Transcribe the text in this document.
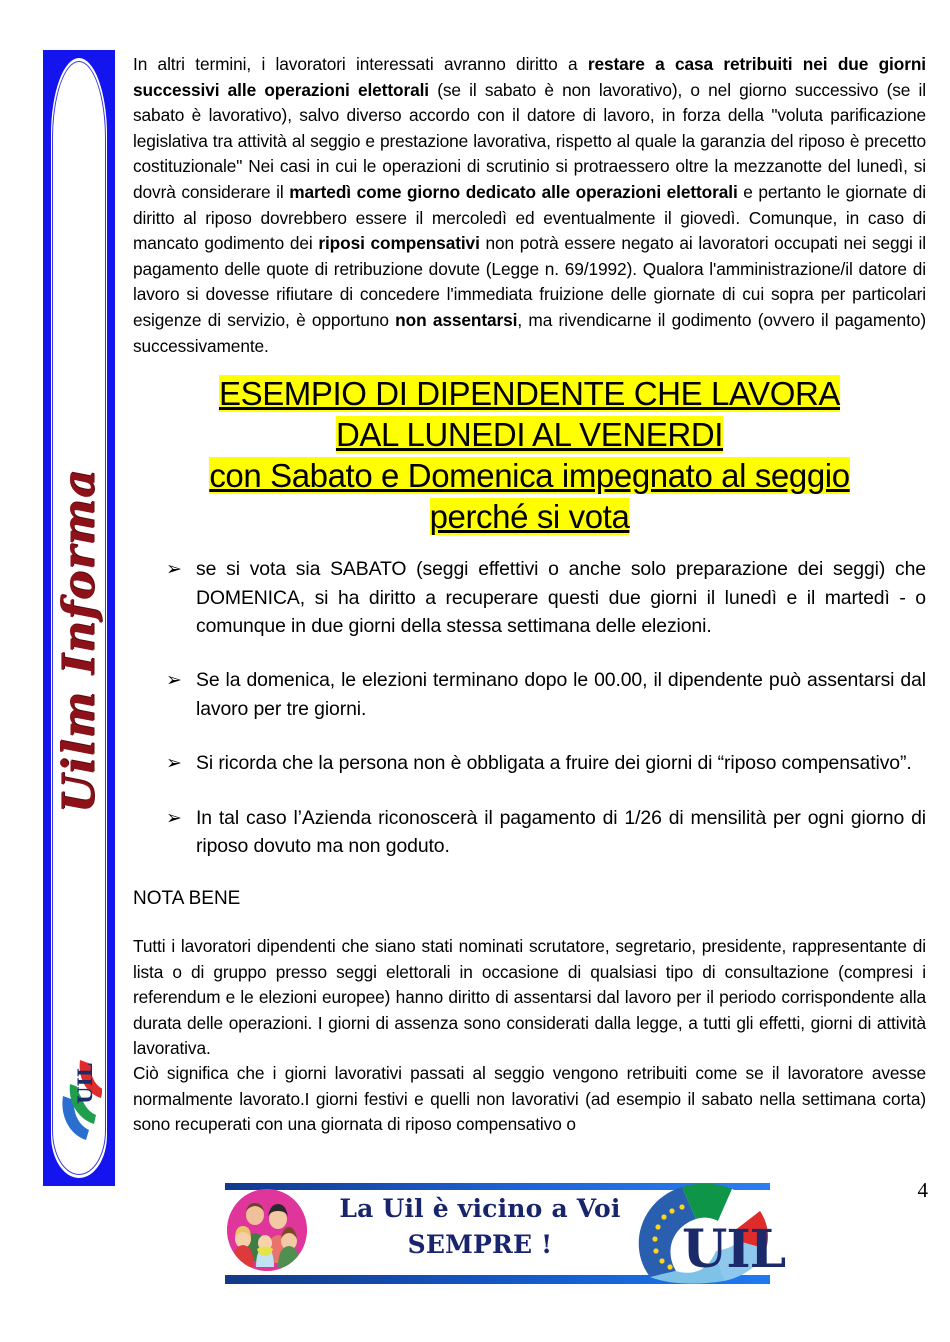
Uilm Informa
UIL

In altri termini, i lavoratori interessati avranno diritto a restare a casa retribuiti nei due giorni successivi alle operazioni elettorali (se il sabato è non lavorativo), o nel giorno successivo (se il sabato è lavorativo), salvo diverso accordo con il datore di lavoro, in forza della "voluta parificazione legislativa tra attività al seggio e prestazione lavorativa, rispetto al quale la garanzia del riposo è precetto costituzionale" Nei casi in cui le operazioni di scrutinio si protraessero oltre la mezzanotte del lunedì, si dovrà considerare il martedì come giorno dedicato alle operazioni elettorali e pertanto le giornate di diritto al riposo dovrebbero essere il mercoledì ed eventualmente il giovedì. Comunque, in caso di mancato godimento dei riposi compensativi non potrà essere negato ai lavoratori occupati nei seggi il pagamento delle quote di retribuzione dovute (Legge n. 69/1992). Qualora l'amministrazione/il datore di lavoro si dovesse rifiutare di concedere l'immediata fruizione delle giornate di cui sopra per particolari esigenze di servizio, è opportuno non assentarsi, ma rivendicarne il godimento (ovvero il pagamento) successivamente.

ESEMPIO DI DIPENDENTE CHE LAVORA
DAL LUNEDI AL VENERDI
con Sabato e Domenica impegnato al seggio
perché si vota
➢ se si vota sia SABATO (seggi effettivi o anche solo preparazione dei seggi) che DOMENICA, si ha diritto a recuperare questi due giorni il lunedì e il martedì - o comunque in due giorni della stessa settimana delle elezioni.
➢ Se la domenica, le elezioni terminano dopo le 00.00, il dipendente può assentarsi dal lavoro per tre giorni.
➢ Si ricorda che la persona non è obbligata a fruire dei giorni di “riposo compensativo”.
➢ In tal caso l’Azienda riconoscerà il pagamento di 1/26 di mensilità per ogni giorno di riposo dovuto ma non goduto.
NOTA BENE

Tutti i lavoratori dipendenti che siano stati nominati scrutatore, segretario, presidente, rappresentante di lista o di gruppo presso seggi elettorali in occasione di qualsiasi tipo di consultazione (compresi i referendum e le elezioni europee) hanno diritto di assentarsi dal lavoro per il periodo corrispondente alla durata delle operazioni. I giorni di assenza sono considerati dalla legge, a tutti gli effetti, giorni di attività lavorativa.

Ciò significa che i giorni lavorativi passati al seggio vengono retribuiti come se il lavoratore avesse normalmente lavorato.I giorni festivi e quelli non lavorativi (ad esempio il sabato nella settimana corta) sono recuperati con una giornata di riposo compensativo o

4
La Uil è vicino a Voi
SEMPRE !	UIL
